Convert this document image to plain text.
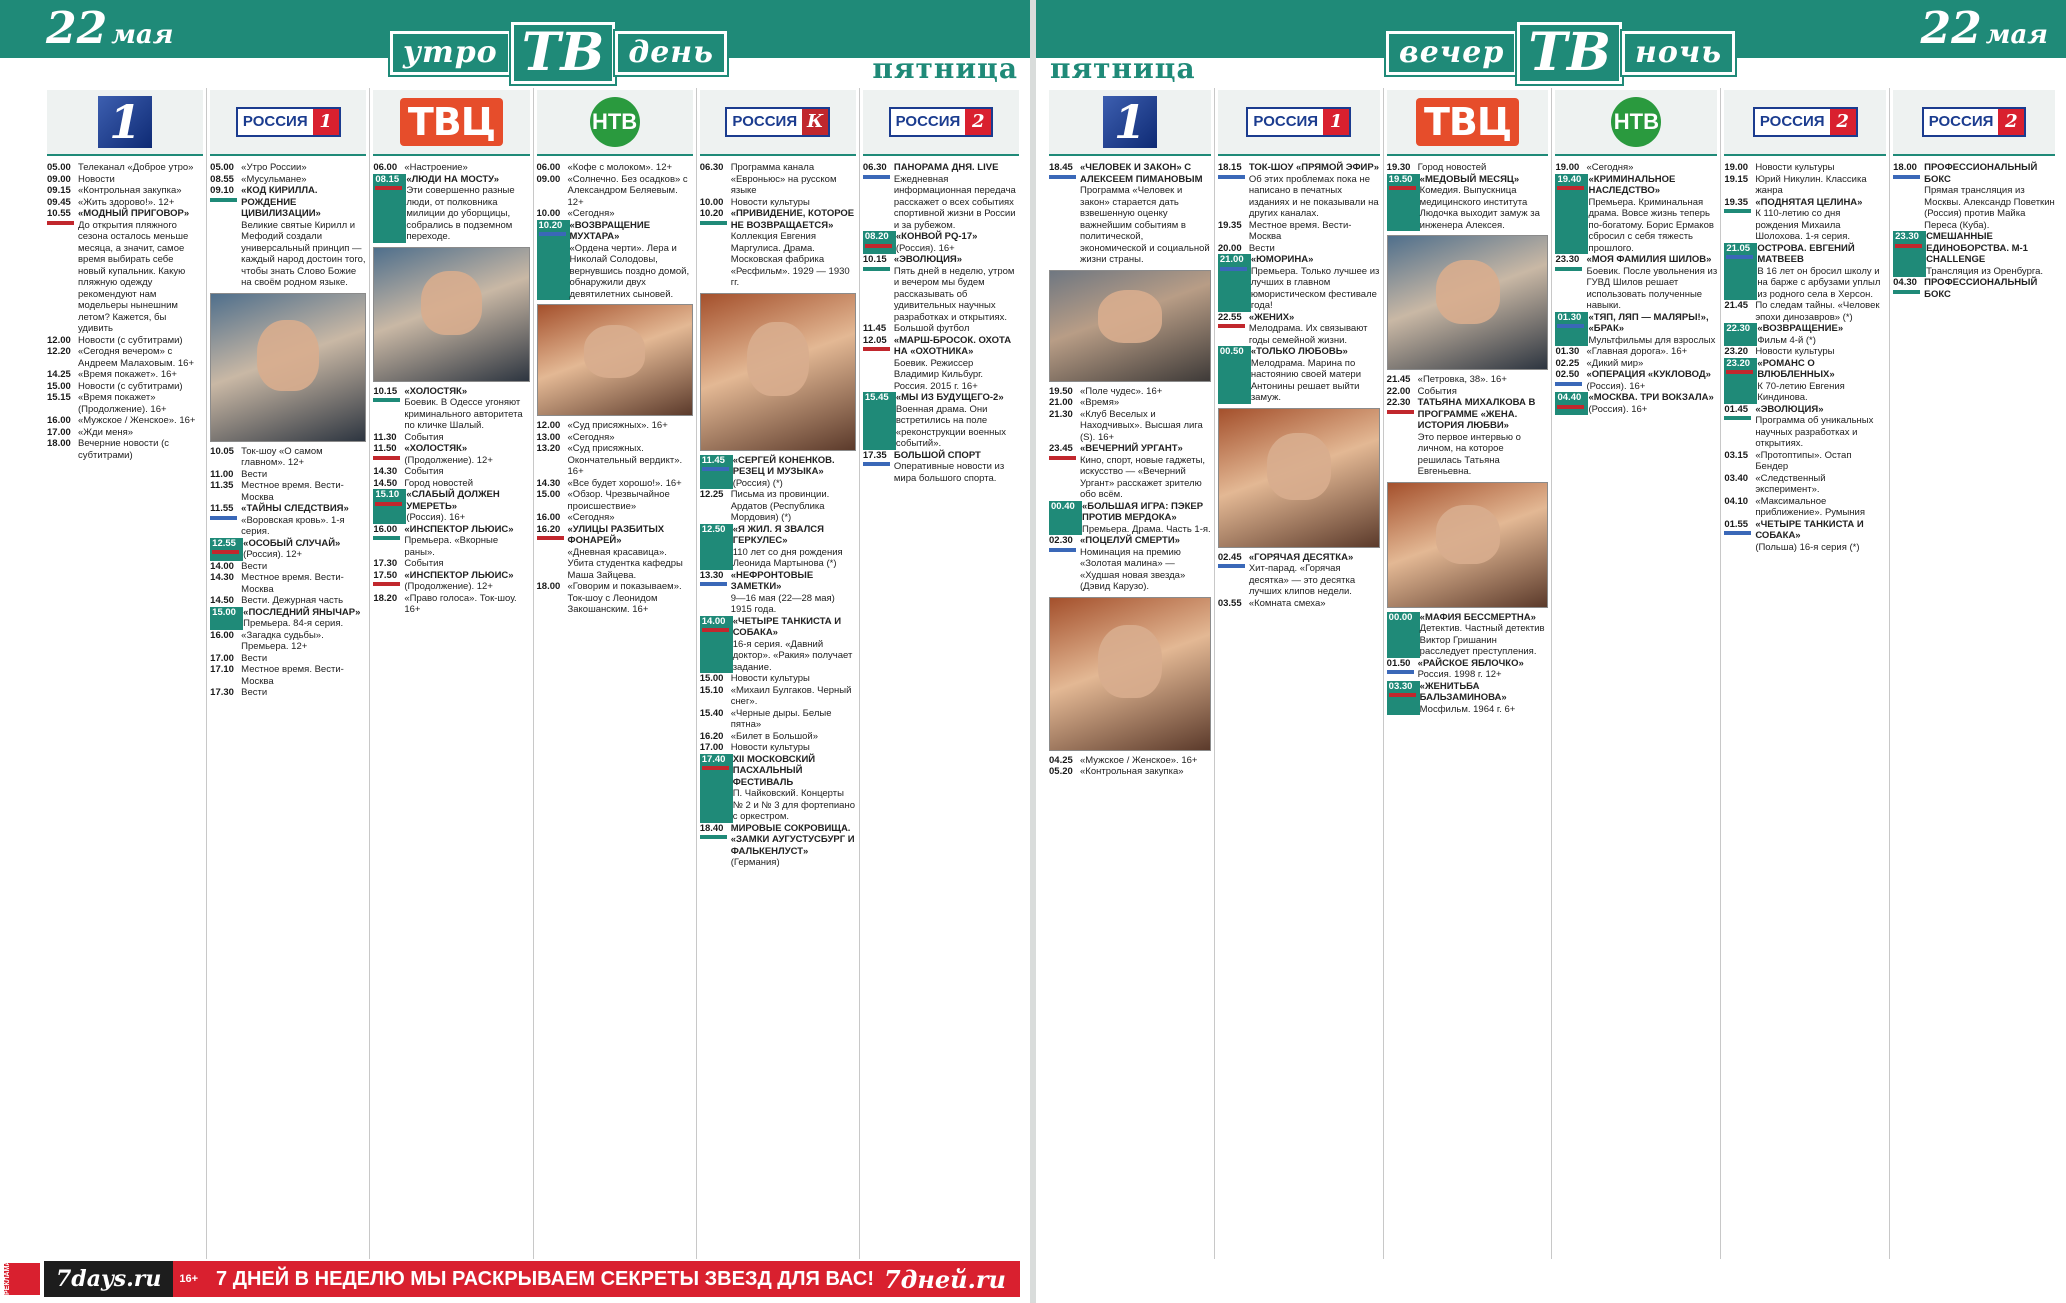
22 мая	утро ТВ день	пятница
1
05.00 Телеканал «Доброе утро»
09.00 Новости
09.15 «Контрольная закупка»
09.45 «Жить здорово!». 12+
10.55 «МОДНЫЙ ПРИГОВОР»
До открытия пляжного сезона осталось меньше месяца, а значит, самое время выбирать себе новый купальник. Какую пляжную одежду рекомендуют нам модельеры нынешним летом? Кажется, бы удивить
12.00 Новости (с субтитрами)
12.20 «Сегодня вечером» с Андреем Малаховым. 16+
14.25 «Время покажет». 16+
15.00 Новости (с субтитрами)
15.15 «Время покажет» (Продолжение). 16+
16.00 «Мужское / Женское». 16+
17.00 «Жди меня»
18.00 Вечерние новости (с субтитрами)
РОССИЯ 1
05.00 «Утро России»
08.55 «Мусульмане»
09.10 «КОД КИРИЛЛА. РОЖДЕНИЕ ЦИВИЛИЗАЦИИ»
Великие святые Кирилл и Мефодий создали универсальный принцип — каждый народ достоин того, чтобы знать Слово Божие на своём родном языке.
10.05 Ток-шоу «О самом главном». 12+
11.00 Вести
11.35 Местное время. Вести-Москва
11.55 «ТАЙНЫ СЛЕДСТВИЯ»
«Воровская кровь». 1-я серия.
12.55 «ОСОБЫЙ СЛУЧАЙ»
(Россия). 12+
14.00 Вести
14.30 Местное время. Вести-Москва
14.50 Вести. Дежурная часть
15.00 «ПОСЛЕДНИЙ ЯНЫЧАР»
Премьера. 84-я серия.
16.00 «Загадка судьбы». Премьера. 12+
17.00 Вести
17.10 Местное время. Вести-Москва
17.30 Вести
ТВЦ
06.00 «Настроение»
08.15 «ЛЮДИ НА МОСТУ»
Эти совершенно разные люди, от полковника милиции до уборщицы, собрались в подземном переходе.
10.15 «ХОЛОСТЯК»
Боевик. В Одессе угоняют криминального авторитета по кличке Шалый.
11.30 События
11.50 «ХОЛОСТЯК»
(Продолжение). 12+
14.30 События
14.50 Город новостей
15.10 «СЛАБЫЙ ДОЛЖЕН УМЕРЕТЬ»
(Россия). 16+
16.00 «ИНСПЕКТОР ЛЬЮИС»
Премьера. «Вкорные раны».
17.30 События
17.50 «ИНСПЕКТОР ЛЬЮИС»
(Продолжение). 12+
18.20 «Право голоса». Ток-шоу. 16+
НТВ
06.00 «Кофе с молоком». 12+
09.00 «Солнечно. Без осадков» с Александром Беляевым. 12+
10.00 «Сегодня»
10.20 «ВОЗВРАЩЕНИЕ МУХТАРА»
«Ордена черти». Лера и Николай Солодовы, вернувшись поздно домой, обнаружили двух девятилетних сыновей.
12.00 «Суд присяжных». 16+
13.00 «Сегодня»
13.20 «Суд присяжных. Окончательный вердикт». 16+
14.30 «Все будет хорошо!». 16+
15.00 «Обзор. Чрезвычайное происшествие»
16.00 «Сегодня»
16.20 «УЛИЦЫ РАЗБИТЫХ ФОНАРЕЙ»
«Дневная красавица». Убита студентка кафедры Маша Зайцева.
18.00 «Говорим и показываем». Ток-шоу с Леонидом Закошанским. 16+
РОССИЯ К
06.30 Программа канала «Евроньюс» на русском языке
10.00 Новости культуры
10.20 «ПРИВИДЕНИЕ, КОТОРОЕ НЕ ВОЗВРАЩАЕТСЯ»
Коллекция Евгения Маргулиса. Драма. Московская фабрика «Ресфильм». 1929 — 1930 гг.
11.45 «СЕРГЕЙ КОНЕНКОВ. РЕЗЕЦ И МУЗЫКА»
(Россия) (*)
12.25 Письма из провинции. Ардатов (Республика Мордовия) (*)
12.50 «Я ЖИЛ. Я ЗВАЛСЯ ГЕРКУЛЕС»
110 лет со дня рождения Леонида Мартынова (*)
13.30 «НЕФРОНТОВЫЕ ЗАМЕТКИ»
9—16 мая (22—28 мая) 1915 года.
14.00 «ЧЕТЫРЕ ТАНКИСТА И СОБАКА»
16-я серия. «Давний доктор». «Ракия» получает задание.
15.00 Новости культуры
15.10 «Михаил Булгаков. Черный снег».
15.40 «Черные дыры. Белые пятна»
16.20 «Билет в Большой»
17.00 Новости культуры
17.40 XII МОСКОВСКИЙ ПАСХАЛЬНЫЙ ФЕСТИВАЛЬ
П. Чайковский. Концерты № 2 и № 3 для фортепиано с оркестром.
18.40 МИРОВЫЕ СОКРОВИЩА. «ЗАМКИ АУГУСТУСБУРГ И ФАЛЬКЕНЛУСТ»
(Германия)
РОССИЯ 2
06.30 ПАНОРАМА ДНЯ. LIVE
Ежедневная информационная передача расскажет о всех событиях спортивной жизни в России и за рубежом.
08.20 «КОНВОЙ PQ-17»
(Россия). 16+
10.15 «ЭВОЛЮЦИЯ»
Пять дней в неделю, утром и вечером мы будем рассказывать об удивительных научных разработках и открытиях.
11.45 Большой футбол
12.05 «МАРШ-БРОСОК. ОХОТА НА «ОХОТНИКА»
Боевик. Режиссер Владимир Кильбург. Россия. 2015 г. 16+
15.45 «МЫ ИЗ БУДУЩЕГО-2»
Военная драма. Они встретились на поле «реконструкции военных событий».
17.35 БОЛЬШОЙ СПОРТ
Оперативные новости из мира большого спорта.
РЕКЛАМА	7days.ru	16+ 7 ДНЕЙ В НЕДЕЛЮ МЫ РАСКРЫВАЕМ СЕКРЕТЫ ЗВЕЗД ДЛЯ ВАС! 7дней.ru
22 мая
пятница	вечер ТВ ночь
1
18.45 «ЧЕЛОВЕК И ЗАКОН» С АЛЕКСЕЕМ ПИМАНОВЫМ
Программа «Человек и закон» старается дать взвешенную оценку важнейшим событиям в политической, экономической и социальной жизни страны.
19.50 «Поле чудес». 16+
21.00 «Время»
21.30 «Клуб Веселых и Находчивых». Высшая лига (S). 16+
23.45 «ВЕЧЕРНИЙ УРГАНТ»
Кино, спорт, новые гаджеты, искусство — «Вечерний Ургант» расскажет зрителю обо всём.
00.40 «БОЛЬШАЯ ИГРА: ПЭКЕР ПРОТИВ МЕРДОКА»
Премьера. Драма. Часть 1-я.
02.30 «ПОЦЕЛУЙ СМЕРТИ»
Номинация на премию «Золотая малина» — «Худшая новая звезда» (Дэвид Карузо).
04.25 «Мужское / Женское». 16+
05.20 «Контрольная закупка»
РОССИЯ 1
18.15 ТОК-ШОУ «ПРЯМОЙ ЭФИР»
Об этих проблемах пока не написано в печатных изданиях и не показывали на других каналах.
19.35 Местное время. Вести-Москва
20.00 Вести
21.00 «ЮМОРИНА»
Премьера. Только лучшее из лучших в главном юмористическом фестивале года!
22.55 «ЖЕНИХ»
Мелодрама. Их связывают годы семейной жизни.
00.50 «ТОЛЬКО ЛЮБОВЬ»
Мелодрама. Марина по настоянию своей матери Антонины решает выйти замуж.
02.45 «ГОРЯЧАЯ ДЕСЯТКА»
Хит-парад. «Горячая десятка» — это десятка лучших клипов недели.
03.55 «Комната смеха»
ТВЦ
19.30 Город новостей
19.50 «МЕДОВЫЙ МЕСЯЦ»
Комедия. Выпускница медицинского института Людочка выходит замуж за инженера Алексея.
21.45 «Петровка, 38». 16+
22.00 События
22.30 ТАТЬЯНА МИХАЛКОВА В ПРОГРАММЕ «ЖЕНА. ИСТОРИЯ ЛЮБВИ»
Это первое интервью о личном, на которое решилась Татьяна Евгеньевна.
00.00 «МАФИЯ БЕССМЕРТНА»
Детектив. Частный детектив Виктор Гришанин расследует преступления.
01.50 «РАЙСКОЕ ЯБЛОЧКО»
Россия. 1998 г. 12+
03.30 «ЖЕНИТЬБА БАЛЬЗАМИНОВА»
Мосфильм. 1964 г. 6+
НТВ
19.00 «Сегодня»
19.40 «КРИМИНАЛЬНОЕ НАСЛЕДСТВО»
Премьера. Криминальная драма. Вовсе жизнь теперь по-богатому. Борис Ермаков сбросил с себя тяжесть прошлого.
23.30 «МОЯ ФАМИЛИЯ ШИЛОВ»
Боевик. После увольнения из ГУВД Шилов решает использовать полученные навыки.
01.30 «ТЯП, ЛЯП — МАЛЯРЫ!», «БРАК»
Мультфильмы для взрослых
01.30 «Главная дорога». 16+
02.25 «Дикий мир»
02.50 «ОПЕРАЦИЯ «КУКЛОВОД»
(Россия). 16+
04.40 «МОСКВА. ТРИ ВОКЗАЛА»
(Россия). 16+
РОССИЯ 2
19.00 Новости культуры
19.15 Юрий Никулин. Классика жанра
19.35 «ПОДНЯТАЯ ЦЕЛИНА»
К 110-летию со дня рождения Михаила Шолохова. 1-я серия.
21.05 ОСТРОВА. ЕВГЕНИЙ МАТВЕЕВ
В 16 лет он бросил школу и на барже с арбузами уплыл из родного села в Херсон.
21.45 По следам тайны. «Человек эпохи динозавров» (*)
22.30 «ВОЗВРАЩЕНИЕ»
Фильм 4-й (*)
23.20 Новости культуры
23.20 «РОМАНС О ВЛЮБЛЕННЫХ»
К 70-летию Евгения Киндинова.
01.45 «ЭВОЛЮЦИЯ»
Программа об уникальных научных разработках и открытиях.
03.15 «Протоптипы». Остап Бендер
03.40 «Следственный эксперимент».
04.10 «Максимальное приближение». Румыния
01.55 «ЧЕТЫРЕ ТАНКИСТА И СОБАКА»
(Польша) 16-я серия (*)
РОССИЯ 2
18.00 ПРОФЕССИОНАЛЬНЫЙ БОКС
Прямая трансляция из Москвы. Александр Поветкин (Россия) против Майка Переса (Куба).
23.30 СМЕШАННЫЕ ЕДИНОБОРСТВА. M-1 CHALLENGE
Трансляция из Оренбурга.
04.30 ПРОФЕССИОНАЛЬНЫЙ БОКС
